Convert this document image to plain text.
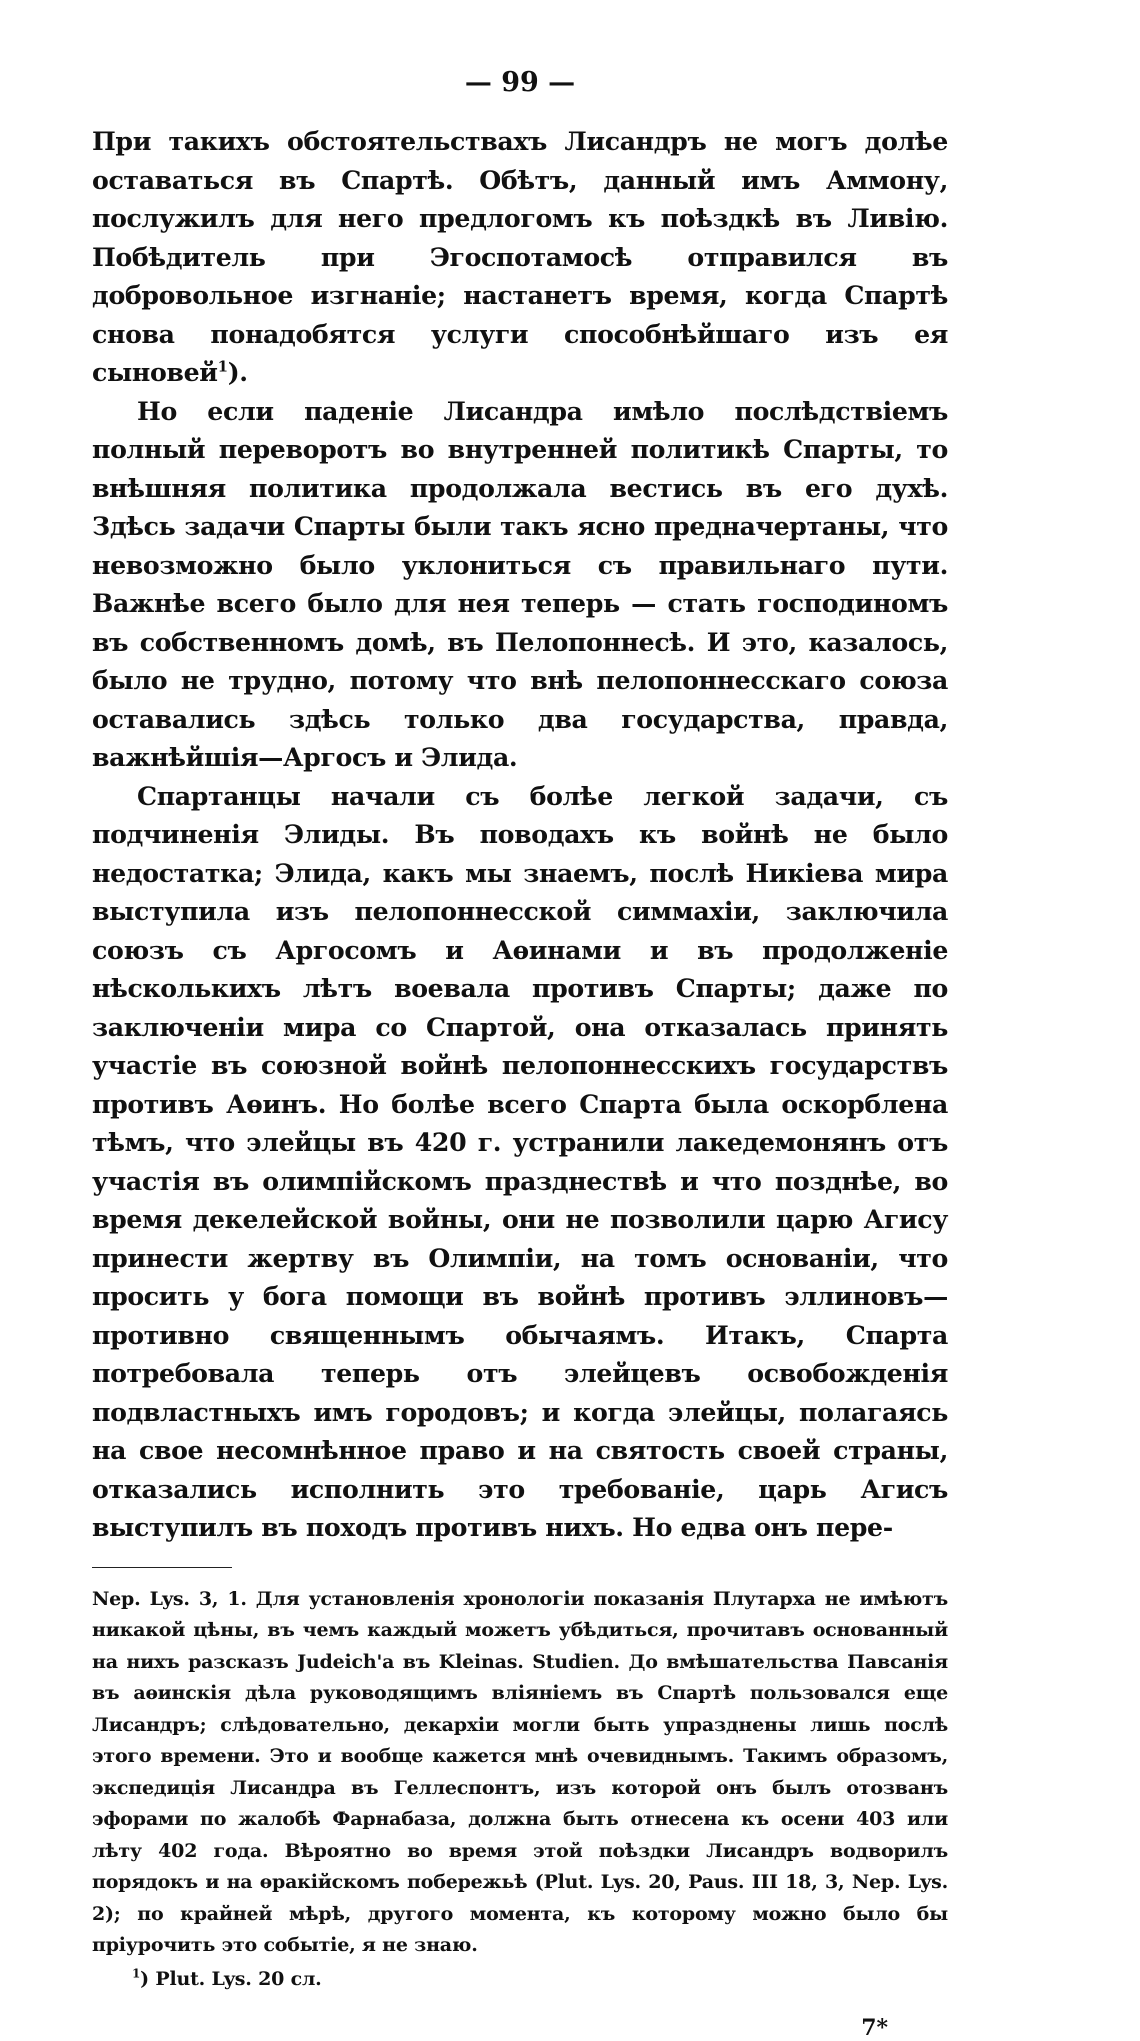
— 99 —

При такихъ обстоятельствахъ Лисандръ не могъ долѣе оставаться въ Спартѣ. Обѣтъ, данный имъ Аммону, послужилъ для него предлогомъ къ поѣздкѣ въ Ливію. Побѣдитель при Эгоспотамосѣ отправился въ добровольное изгнаніе; настанетъ время, когда Спартѣ снова понадобятся услуги способнѣйшаго изъ ея сыновей$^1$).

Но если паденіе Лисандра имѣло послѣдствіемъ полный переворотъ во внутренней политикѣ Спарты, то внѣшняя политика продолжала вестись въ его духѣ. Здѣсь задачи Спарты были такъ ясно предначертаны, что невозможно было уклониться съ правильнаго пути. Важнѣе всего было для нея теперь — стать господиномъ въ собственномъ домѣ, въ Пелопоннесѣ. И это, казалось, было не трудно, потому что внѣ пелопоннесскаго союза оставались здѣсь только два государства, правда, важнѣйшія—Аргосъ и Элида.

Спартанцы начали съ болѣе легкой задачи, съ подчиненія Элиды. Въ поводахъ къ войнѣ не было недостатка; Элида, какъ мы знаемъ, послѣ Никіева мира выступила изъ пелопоннесской симмахіи, заключила союзъ съ Аргосомъ и Аѳинами и въ продолженіе нѣсколькихъ лѣтъ воевала противъ Спарты; даже по заключеніи мира со Спартой, она отказалась принять участіе въ союзной войнѣ пелопоннесскихъ государствъ противъ Аѳинъ. Но болѣе всего Спарта была оскорблена тѣмъ, что элейцы въ 420 г. устранили лакедемонянъ отъ участія въ олимпійскомъ празднествѣ и что позднѣе, во время декелейской войны, они не позволили царю Агису принести жертву въ Олимпіи, на томъ основаніи, что просить у бога помощи въ войнѣ противъ эллиновъ—противно священнымъ обычаямъ. Итакъ, Спарта потребовала теперь отъ элейцевъ освобожденія подвластныхъ имъ городовъ; и когда элейцы, полагаясь на свое несомнѣнное право и на святость своей страны, отказались исполнить это требованіе, царь Агисъ выступилъ въ походъ противъ нихъ. Но едва онъ пере-

Nep. Lys. 3, 1. Для установленія хронологіи показанія Плутарха не имѣютъ никакой цѣны, въ чемъ каждый можетъ убѣдиться, прочитавъ основанный на нихъ разсказъ Judeich'а въ Kleinas. Studien. До вмѣшательства Павсанія въ аѳинскія дѣла руководящимъ вліяніемъ въ Спартѣ пользовался еще Лисандръ; слѣдовательно, декархіи могли быть упразднены лишь послѣ этого времени. Это и вообще кажется мнѣ очевиднымъ. Такимъ образомъ, экспедиція Лисандра въ Геллеспонтъ, изъ которой онъ былъ отозванъ эфорами по жалобѣ Фарнабаза, должна быть отнесена къ осени 403 или лѣту 402 года. Вѣроятно во время этой поѣздки Лисандръ водворилъ порядокъ и на ѳракійскомъ побережьѣ (Plut. Lys. 20, Paus. III 18, 3, Nep. Lys. 2); по крайней мѣрѣ, другого момента, къ которому можно было бы пріурочить это событіе, я не знаю.

$^1$) Plut. Lys. 20 сл.

7*
